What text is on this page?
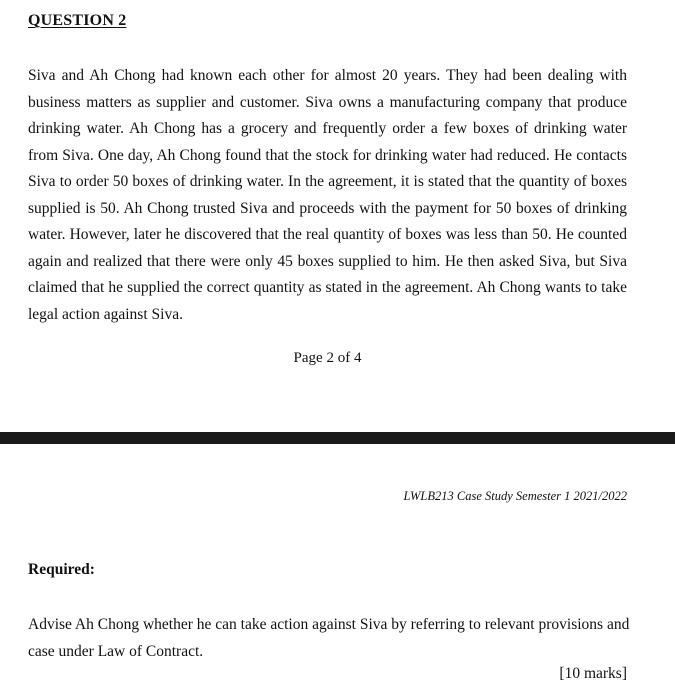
QUESTION 2
Siva and Ah Chong had known each other for almost 20 years. They had been dealing with business matters as supplier and customer. Siva owns a manufacturing company that produce drinking water. Ah Chong has a grocery and frequently order a few boxes of drinking water from Siva. One day, Ah Chong found that the stock for drinking water had reduced. He contacts Siva to order 50 boxes of drinking water. In the agreement, it is stated that the quantity of boxes supplied is 50. Ah Chong trusted Siva and proceeds with the payment for 50 boxes of drinking water. However, later he discovered that the real quantity of boxes was less than 50. He counted again and realized that there were only 45 boxes supplied to him. He then asked Siva, but Siva claimed that he supplied the correct quantity as stated in the agreement. Ah Chong wants to take legal action against Siva.
Page 2 of 4
LWLB213 Case Study Semester 1 2021/2022
Required:
Advise Ah Chong whether he can take action against Siva by referring to relevant provisions and case under Law of Contract.
[10 marks]
